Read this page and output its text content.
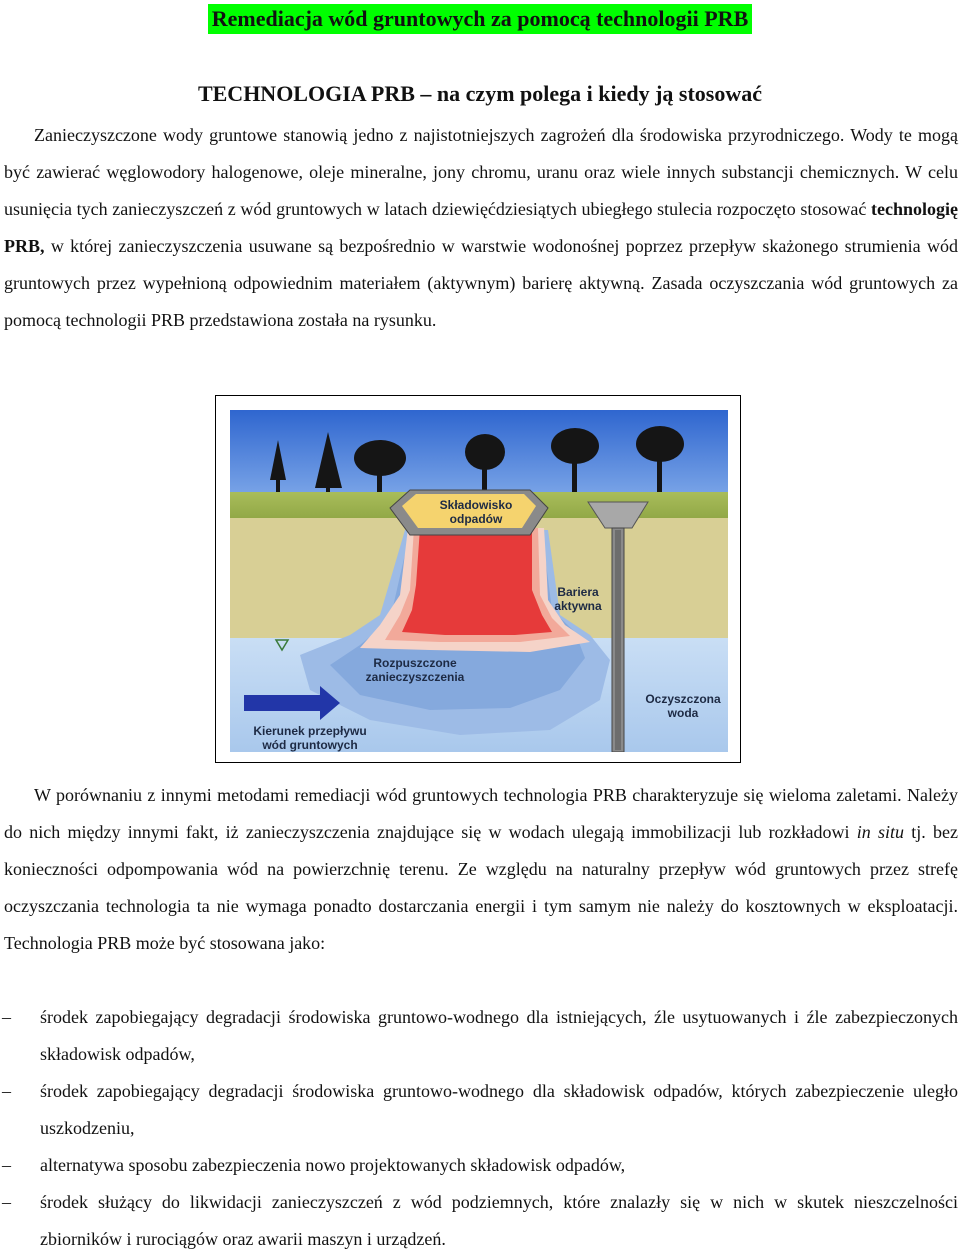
Remediacja wód gruntowych za pomocą technologii PRB
TECHNOLOGIA PRB – na czym polega i kiedy ją stosować

Zanieczyszczone wody gruntowe stanowią jedno z najistotniejszych zagrożeń dla środowiska przyrodniczego. Wody te mogą być zawierać węglowodory halogenowe, oleje mineralne, jony chromu, uranu oraz wiele innych substancji chemicznych. W celu usunięcia tych zanieczyszczeń z wód gruntowych w latach dziewięćdziesiątych ubiegłego stulecia rozpoczęto stosować technologię PRB, w której zanieczyszczenia usuwane są bezpośrednio w warstwie wodonośnej poprzez przepływ skażonego strumienia wód gruntowych przez wypełnioną odpowiednim materiałem (aktywnym) barierę aktywną. Zasada oczyszczania wód gruntowych za pomocą technologii PRB przedstawiona została na rysunku.

Składowisko
odpadów
Bariera
aktywna
Rozpuszczone
zanieczyszczenia
Oczyszczona
woda
Kierunek przepływu
wód gruntowych

W porównaniu z innymi metodami remediacji wód gruntowych technologia PRB charakteryzuje się wieloma zaletami. Należy do nich między innymi fakt, iż zanieczyszczenia znajdujące się w wodach ulegają immobilizacji lub rozkładowi in situ tj. bez konieczności odpompowania wód na powierzchnię terenu. Ze względu na naturalny przepływ wód gruntowych przez strefę oczyszczania technologia ta nie wymaga ponadto dostarczania energii i tym samym nie należy do kosztownych w eksploatacji. Technologia PRB może być stosowana jako:

– środek zapobiegający degradacji środowiska gruntowo-wodnego dla istniejących, źle usytuowanych i źle zabezpieczonych składowisk odpadów,
– środek zapobiegający degradacji środowiska gruntowo-wodnego dla składowisk odpadów, których zabezpieczenie uległo uszkodzeniu,
– alternatywa sposobu zabezpieczenia nowo projektowanych składowisk odpadów,
– środek służący do likwidacji zanieczyszczeń z wód podziemnych, które znalazły się w nich w skutek nieszczelności zbiorników i rurociągów oraz awarii maszyn i urządzeń.
